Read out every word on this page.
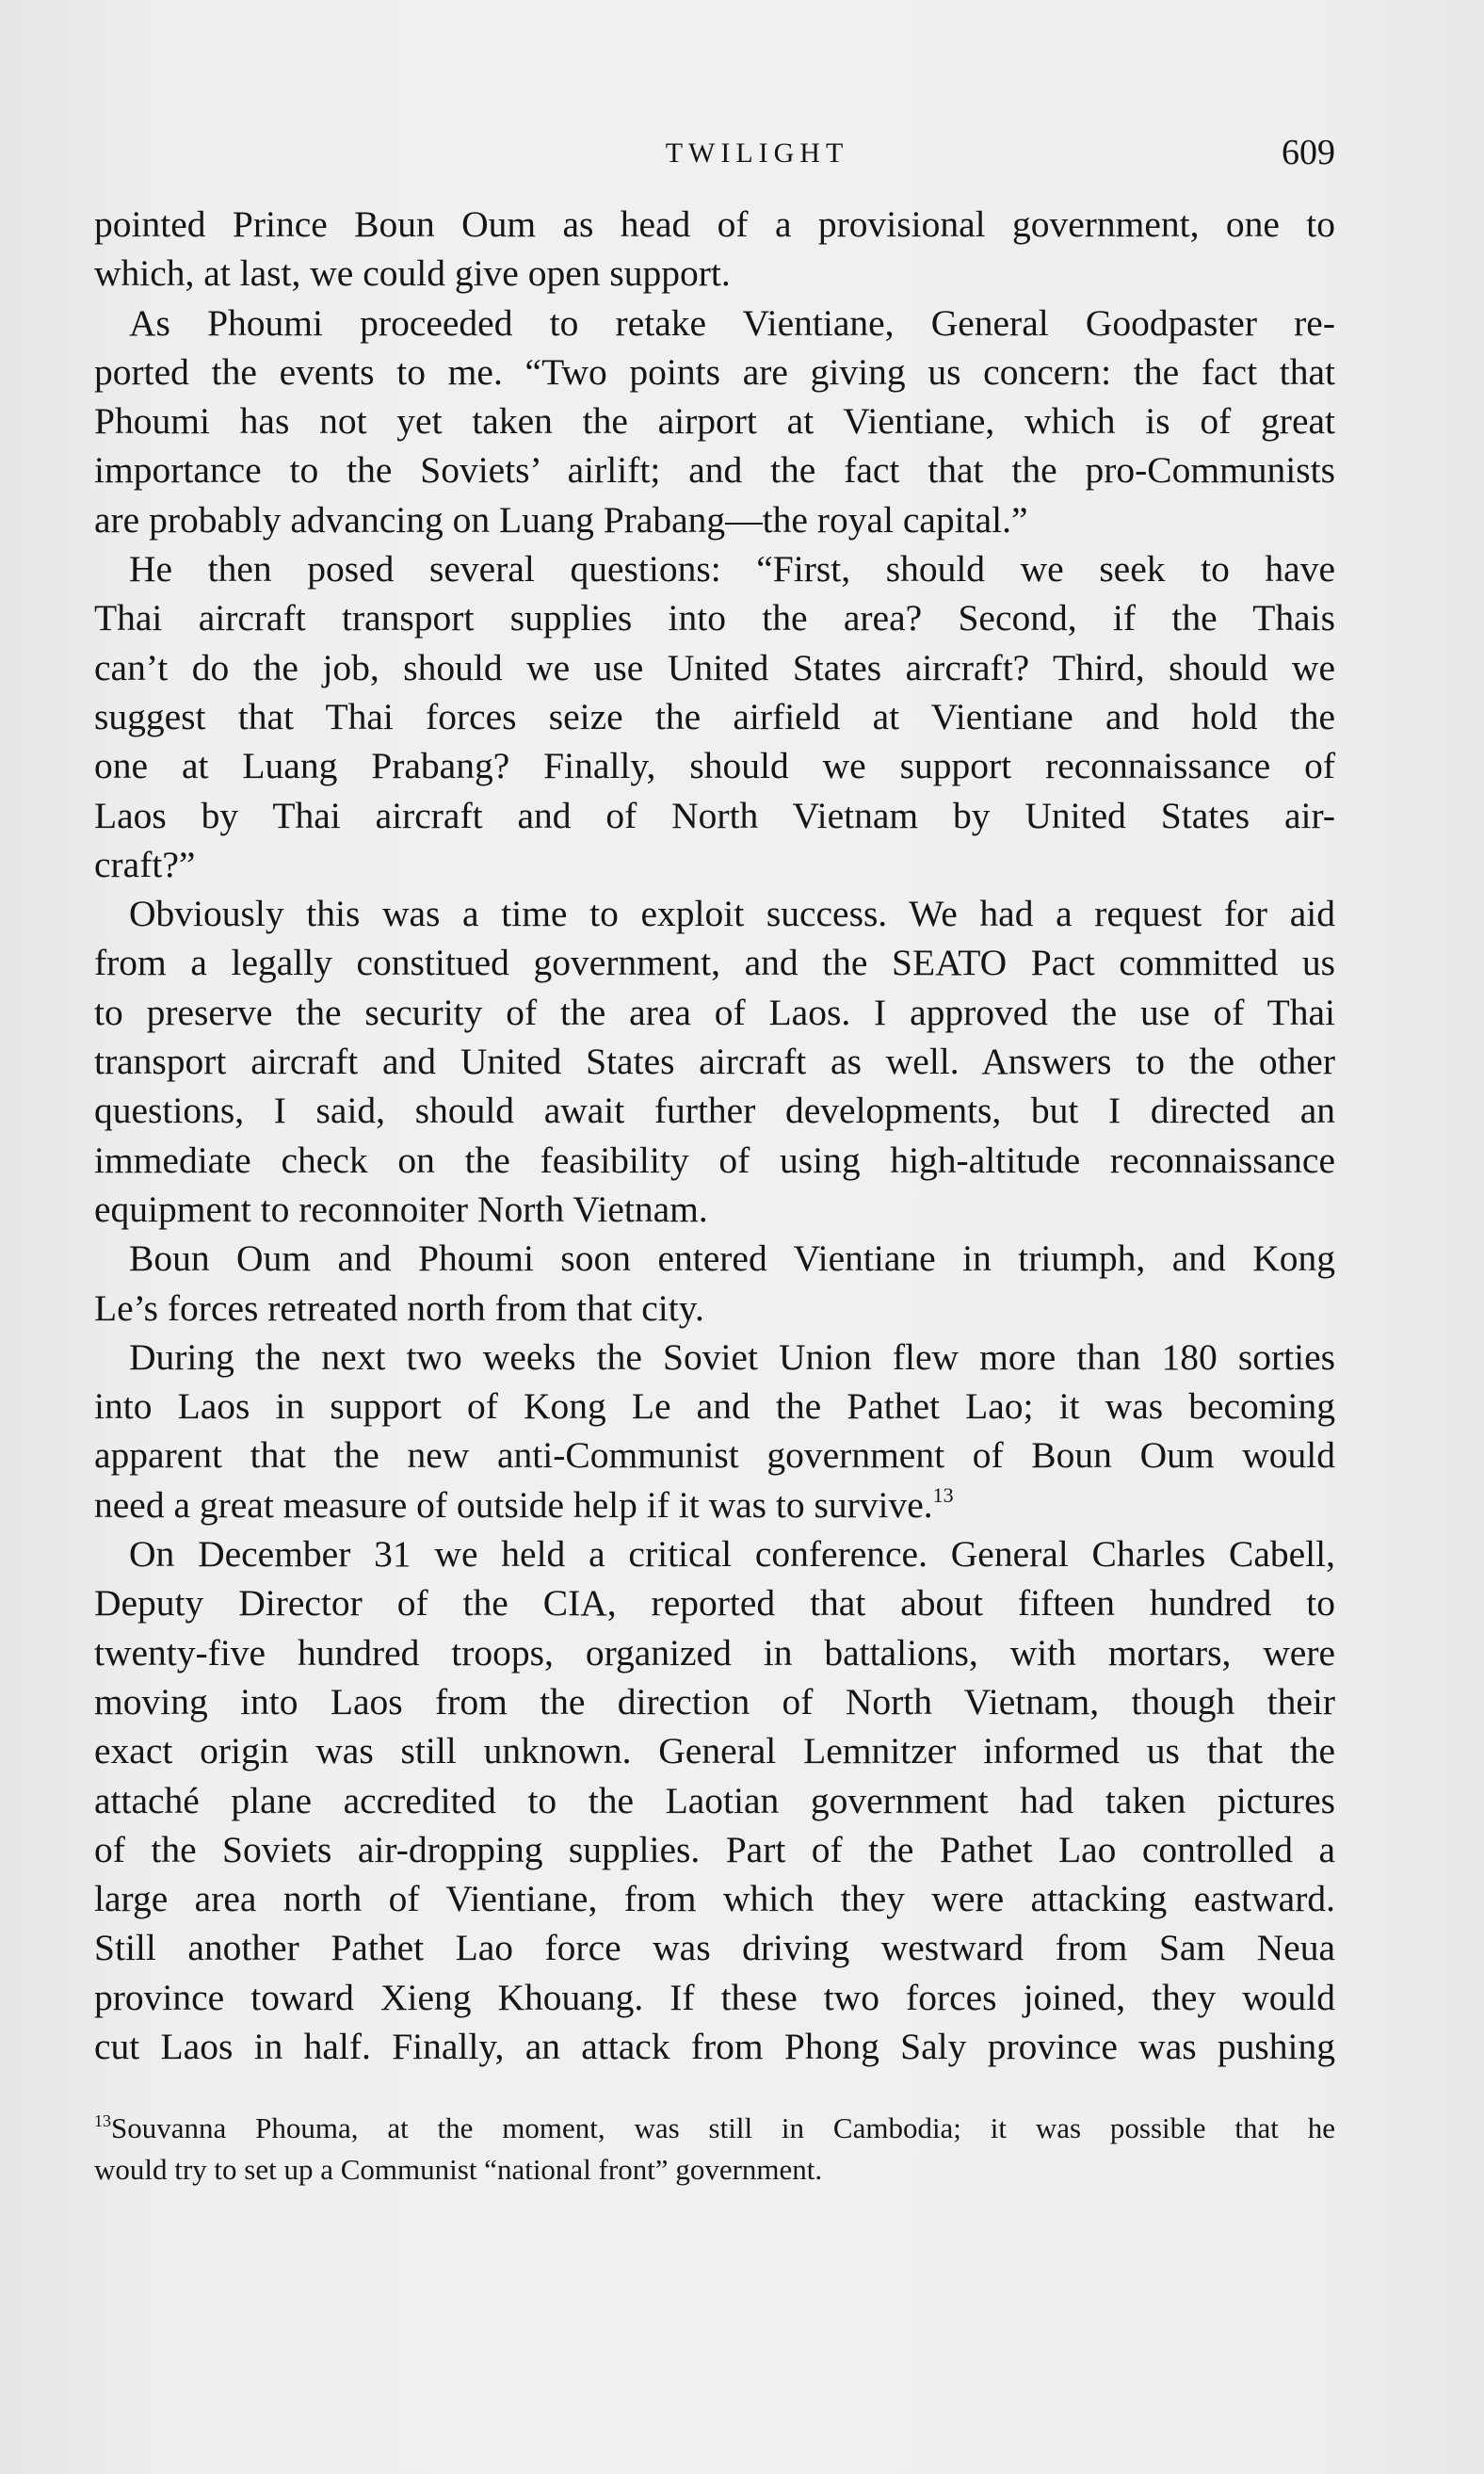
TWILIGHT	609
pointed Prince Boun Oum as head of a provisional government, one to
which, at last, we could give open support.
As Phoumi proceeded to retake Vientiane, General Goodpaster re-
ported the events to me. “Two points are giving us concern: the fact that
Phoumi has not yet taken the airport at Vientiane, which is of great
importance to the Soviets’ airlift; and the fact that the pro-Communists
are probably advancing on Luang Prabang—the royal capital.”
He then posed several questions: “First, should we seek to have
Thai aircraft transport supplies into the area? Second, if the Thais
can’t do the job, should we use United States aircraft? Third, should we
suggest that Thai forces seize the airfield at Vientiane and hold the
one at Luang Prabang? Finally, should we support reconnaissance of
Laos by Thai aircraft and of North Vietnam by United States air-
craft?”
Obviously this was a time to exploit success. We had a request for aid
from a legally constitued government, and the SEATO Pact committed us
to preserve the security of the area of Laos. I approved the use of Thai
transport aircraft and United States aircraft as well. Answers to the other
questions, I said, should await further developments, but I directed an
immediate check on the feasibility of using high-altitude reconnaissance
equipment to reconnoiter North Vietnam.
Boun Oum and Phoumi soon entered Vientiane in triumph, and Kong
Le’s forces retreated north from that city.
During the next two weeks the Soviet Union flew more than 180 sorties
into Laos in support of Kong Le and the Pathet Lao; it was becoming
apparent that the new anti-Communist government of Boun Oum would
need a great measure of outside help if it was to survive.$^{13}$
On December 31 we held a critical conference. General Charles Cabell,
Deputy Director of the CIA, reported that about fifteen hundred to
twenty-five hundred troops, organized in battalions, with mortars, were
moving into Laos from the direction of North Vietnam, though their
exact origin was still unknown. General Lemnitzer informed us that the
attaché plane accredited to the Laotian government had taken pictures
of the Soviets air-dropping supplies. Part of the Pathet Lao controlled a
large area north of Vientiane, from which they were attacking eastward.
Still another Pathet Lao force was driving westward from Sam Neua
province toward Xieng Khouang. If these two forces joined, they would
cut Laos in half. Finally, an attack from Phong Saly province was pushing
$^{13}$Souvanna Phouma, at the moment, was still in Cambodia; it was possible that he
would try to set up a Communist “national front” government.
